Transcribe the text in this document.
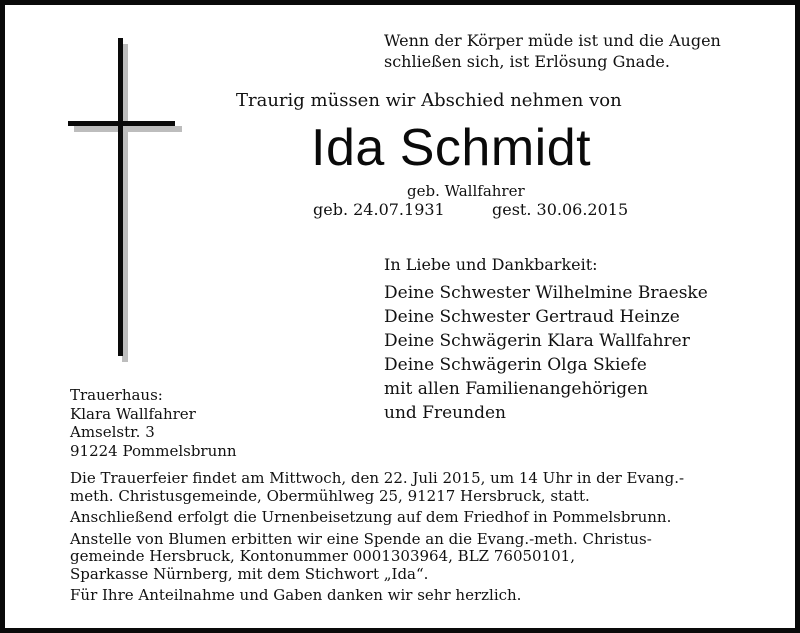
Wenn der Körper müde ist und die Augen
schließen sich, ist Erlösung Gnade.
Traurig müssen wir Abschied nehmen von
Ida Schmidt
geb. Wallfahrer
geb. 24.07.1931	gest. 30.06.2015
In Liebe und Dankbarkeit:
Deine Schwester Wilhelmine Braeske
Deine Schwester Gertraud Heinze
Deine Schwägerin Klara Wallfahrer
Deine Schwägerin Olga Skiefe
mit allen Familienangehörigen
und Freunden
Trauerhaus:
Klara Wallfahrer
Amselstr. 3
91224 Pommelsbrunn

Die Trauerfeier findet am Mittwoch, den 22. Juli 2015, um 14 Uhr in der Evang.-
meth. Christusgemeinde, Obermühlweg 25, 91217 Hersbruck, statt.

Anschließend erfolgt die Urnenbeisetzung auf dem Friedhof in Pommelsbrunn.

Anstelle von Blumen erbitten wir eine Spende an die Evang.-meth. Christus-
gemeinde Hersbruck, Kontonummer 0001303964, BLZ 76050101,
Sparkasse Nürnberg, mit dem Stichwort „Ida“.

Für Ihre Anteilnahme und Gaben danken wir sehr herzlich.
